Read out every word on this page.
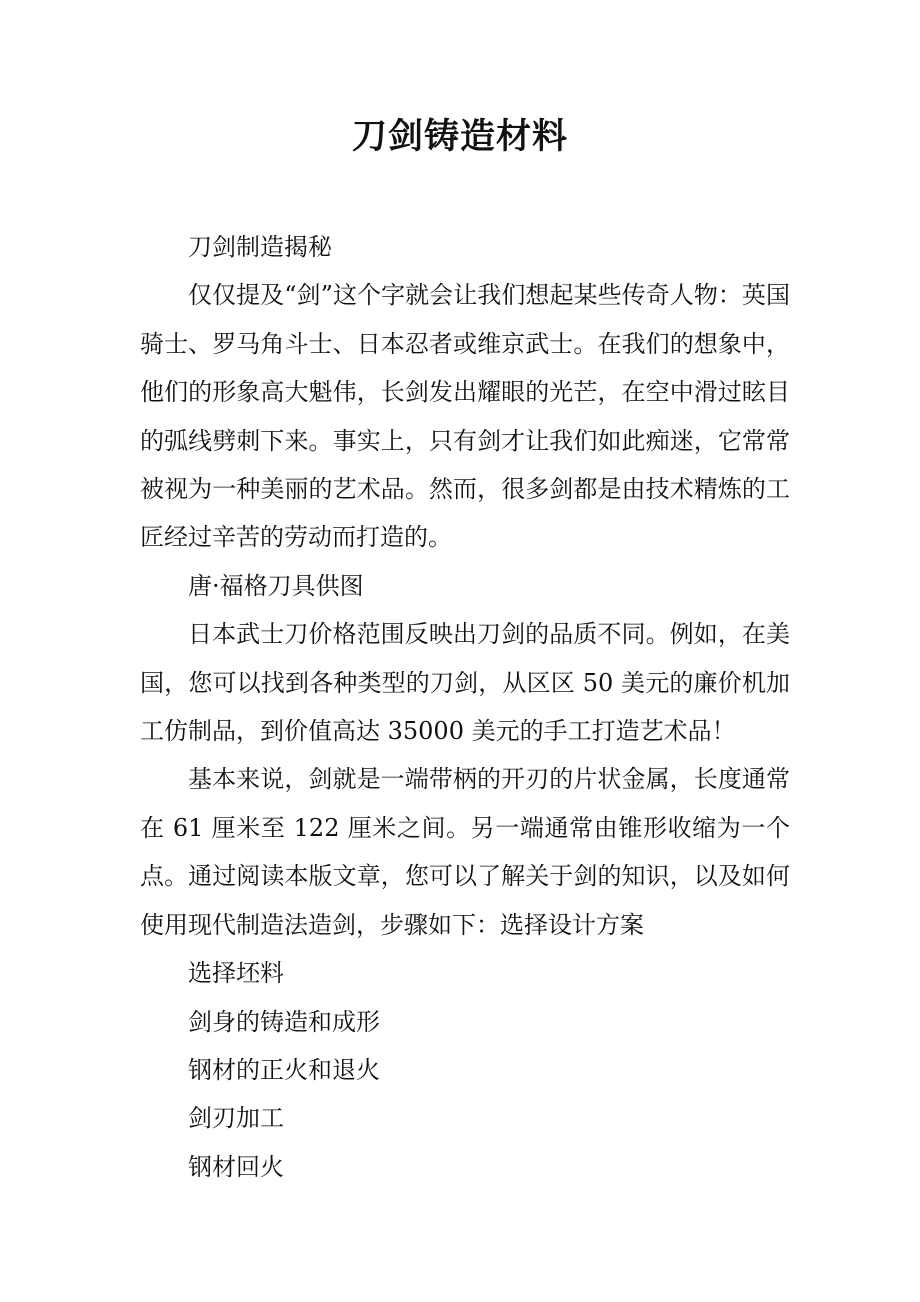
刀剑铸造材料

刀剑制造揭秘

仅仅提及“剑”这个字就会让我们想起某些传奇人物：英国骑士、罗马角斗士、日本忍者或维京武士。在我们的想象中，他们的形象高大魁伟，长剑发出耀眼的光芒，在空中滑过眩目的弧线劈刺下来。事实上，只有剑才让我们如此痴迷，它常常被视为一种美丽的艺术品。然而，很多剑都是由技术精炼的工匠经过辛苦的劳动而打造的。

唐·福格刀具供图

日本武士刀价格范围反映出刀剑的品质不同。例如，在美国，您可以找到各种类型的刀剑，从区区 50 美元的廉价机加工仿制品，到价值高达 35000 美元的手工打造艺术品！

基本来说，剑就是一端带柄的开刃的片状金属，长度通常在 61 厘米至 122 厘米之间。另一端通常由锥形收缩为一个点。通过阅读本版文章，您可以了解关于剑的知识，以及如何使用现代制造法造剑，步骤如下：选择设计方案

选择坯料

剑身的铸造和成形

钢材的正火和退火

剑刃加工

钢材回火
